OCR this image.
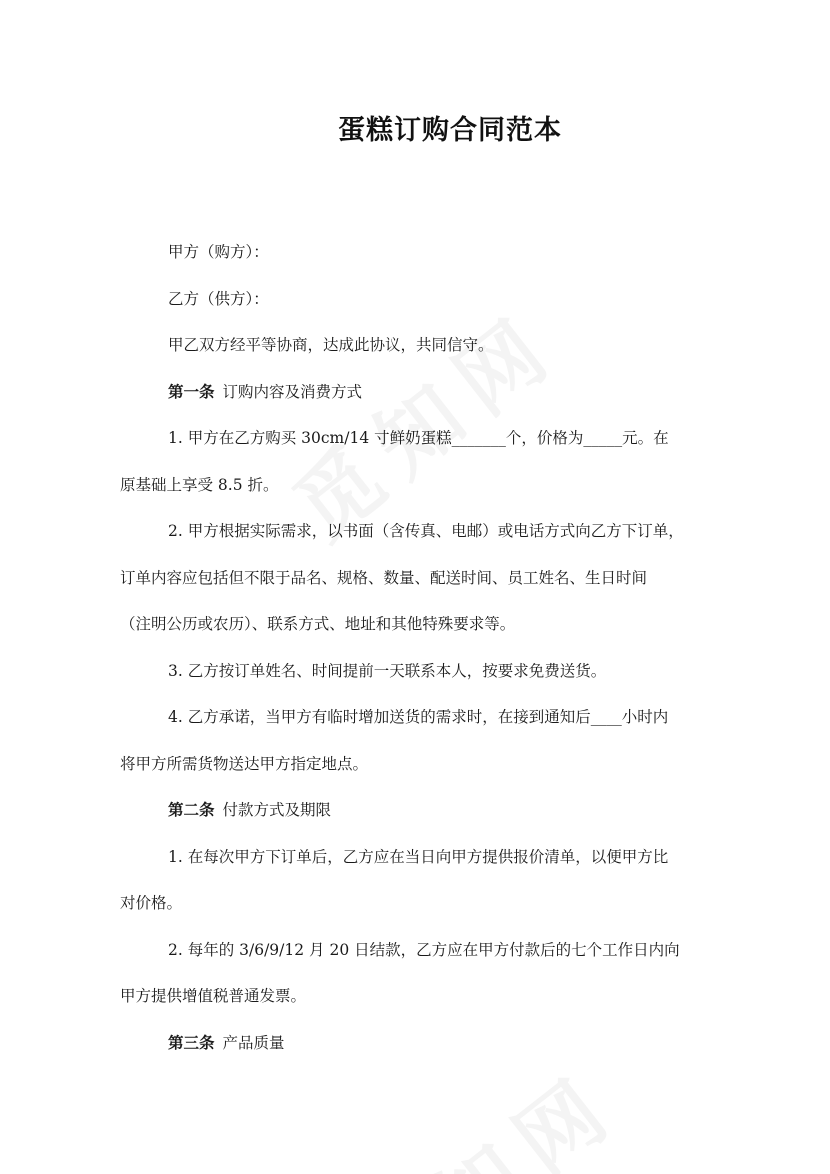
蛋糕订购合同范本
甲方（购方）：
乙方（供方）：
甲乙双方经平等协商，达成此协议，共同信守。
第一条 订购内容及消费方式
1. 甲方在乙方购买 30cm/14 寸鲜奶蛋糕_______个，价格为_____元。在
原基础上享受 8.5 折。
2. 甲方根据实际需求，以书面（含传真、电邮）或电话方式向乙方下订单，
订单内容应包括但不限于品名、规格、数量、配送时间、员工姓名、生日时间
（注明公历或农历）、联系方式、地址和其他特殊要求等。
3. 乙方按订单姓名、时间提前一天联系本人，按要求免费送货。
4. 乙方承诺，当甲方有临时增加送货的需求时，在接到通知后____小时内
将甲方所需货物送达甲方指定地点。
第二条 付款方式及期限
1. 在每次甲方下订单后，乙方应在当日向甲方提供报价清单，以便甲方比
对价格。
2. 每年的 3/6/9/12 月 20 日结款，乙方应在甲方付款后的七个工作日内向
甲方提供增值税普通发票。
第三条 产品质量
